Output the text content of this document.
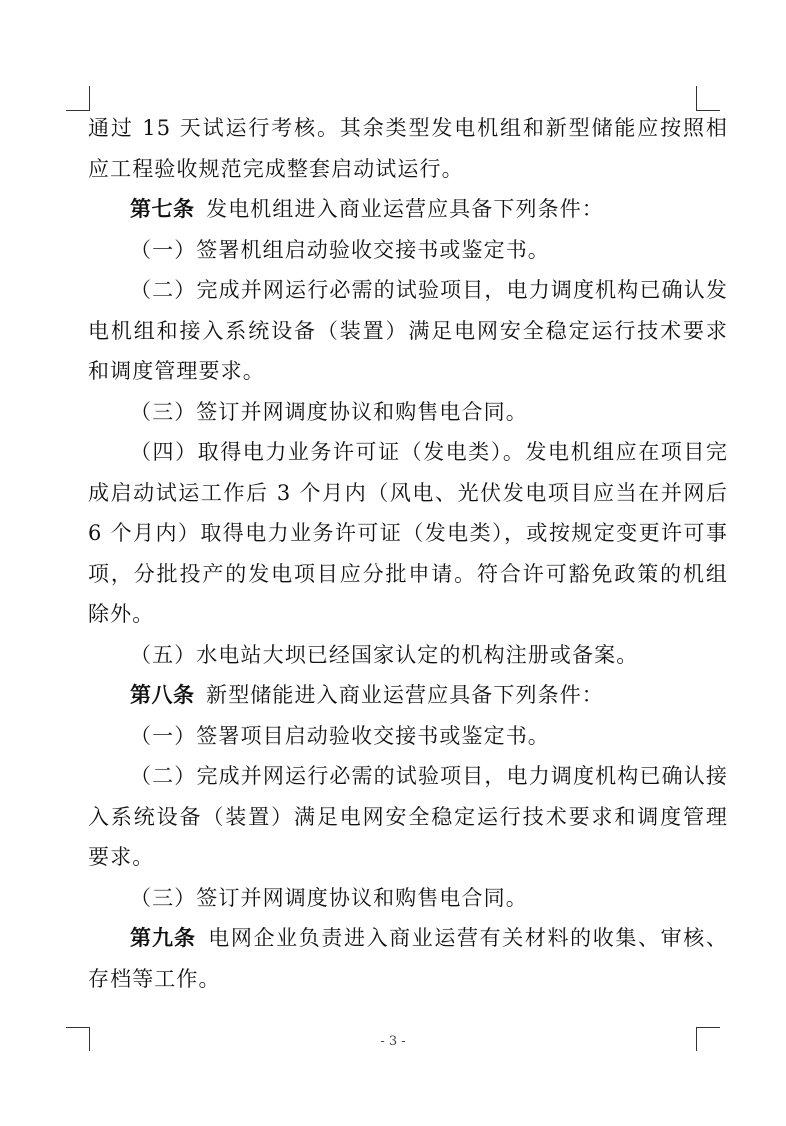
通过 15 天试运行考核。其余类型发电机组和新型储能应按照相应工程验收规范完成整套启动试运行。

第七条  发电机组进入商业运营应具备下列条件：

（一）签署机组启动验收交接书或鉴定书。

（二）完成并网运行必需的试验项目，电力调度机构已确认发电机组和接入系统设备（装置）满足电网安全稳定运行技术要求和调度管理要求。

（三）签订并网调度协议和购售电合同。

（四）取得电力业务许可证（发电类）。发电机组应在项目完成启动试运工作后 3 个月内（风电、光伏发电项目应当在并网后 6 个月内）取得电力业务许可证（发电类），或按规定变更许可事项，分批投产的发电项目应分批申请。符合许可豁免政策的机组除外。

（五）水电站大坝已经国家认定的机构注册或备案。

第八条  新型储能进入商业运营应具备下列条件：

（一）签署项目启动验收交接书或鉴定书。

（二）完成并网运行必需的试验项目，电力调度机构已确认接入系统设备（装置）满足电网安全稳定运行技术要求和调度管理要求。

（三）签订并网调度协议和购售电合同。

第九条  电网企业负责进入商业运营有关材料的收集、审核、存档等工作。

- 3 -
